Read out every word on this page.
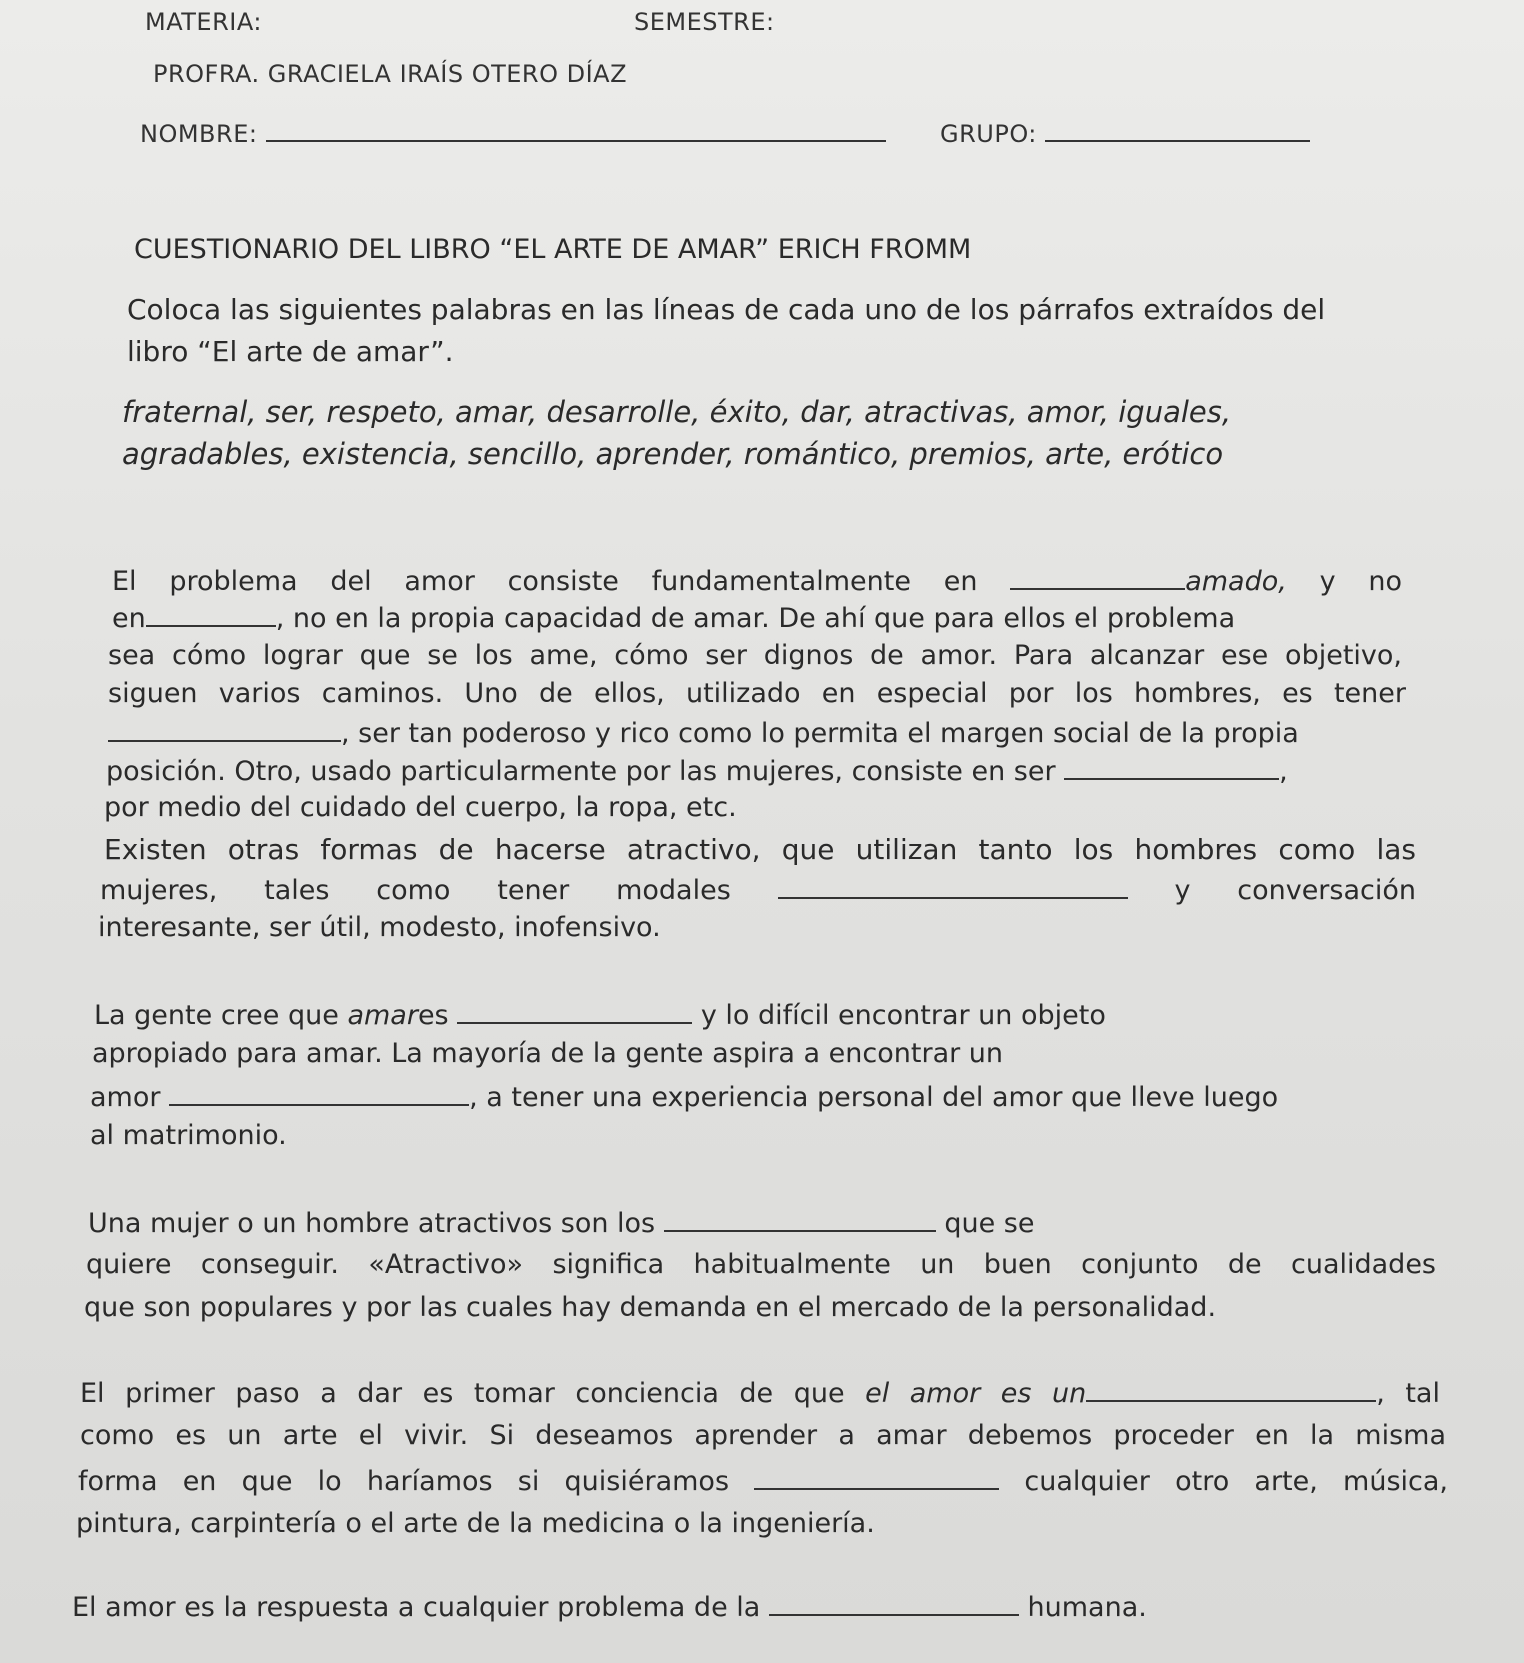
MATERIA:	SEMESTRE:
PROFRA. GRACIELA IRAÍS OTERO DÍAZ
NOMBRE:	GRUPO:
CUESTIONARIO DEL LIBRO “EL ARTE DE AMAR” ERICH FROMM
Coloca las siguientes palabras en las líneas de cada uno de los párrafos extraídos del
libro “El arte de amar”.
fraternal, ser, respeto, amar, desarrolle, éxito, dar, atractivas, amor, iguales,
agradables, existencia, sencillo, aprender, romántico, premios, arte, erótico
El problema del amor consiste fundamentalmente en	amado, y no
en	, no en la propia capacidad de amar. De ahí que para ellos el problema
sea cómo lograr que se los ame, cómo ser dignos de amor. Para alcanzar ese objetivo,
siguen varios caminos. Uno de ellos, utilizado en especial por los hombres, es tener
, ser tan poderoso y rico como lo permita el margen social de la propia
posición. Otro, usado particularmente por las mujeres, consiste en ser	,
por medio del cuidado del cuerpo, la ropa, etc.
Existen otras formas de hacerse atractivo, que utilizan tanto los hombres como las
mujeres, tales como tener modales	y conversación
interesante, ser útil, modesto, inofensivo.
La gente cree que amares	y lo difícil encontrar un objeto
apropiado para amar. La mayoría de la gente aspira a encontrar un
amor	, a tener una experiencia personal del amor que lleve luego
al matrimonio.
Una mujer o un hombre atractivos son los	que se
quiere conseguir. «Atractivo» significa habitualmente un buen conjunto de cualidades
que son populares y por las cuales hay demanda en el mercado de la personalidad.
El primer paso a dar es tomar conciencia de que el amor es un	, tal
como es un arte el vivir. Si deseamos aprender a amar debemos proceder en la misma
forma en que lo haríamos si quisiéramos	cualquier otro arte, música,
pintura, carpintería o el arte de la medicina o la ingeniería.
El amor es la respuesta a cualquier problema de la	humana.
